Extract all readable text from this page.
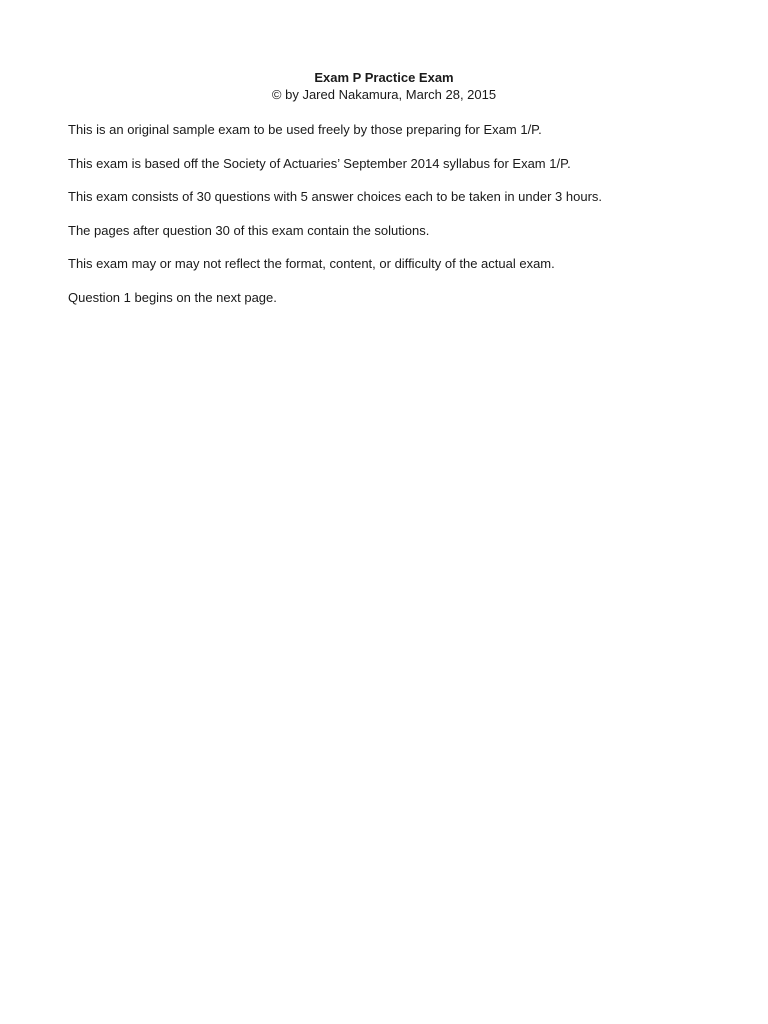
Exam P Practice Exam

© by Jared Nakamura, March 28, 2015

This is an original sample exam to be used freely by those preparing for Exam 1/P.

This exam is based off the Society of Actuaries’ September 2014 syllabus for Exam 1/P.

This exam consists of 30 questions with 5 answer choices each to be taken in under 3 hours.

The pages after question 30 of this exam contain the solutions.

This exam may or may not reflect the format, content, or difficulty of the actual exam.

Question 1 begins on the next page.
